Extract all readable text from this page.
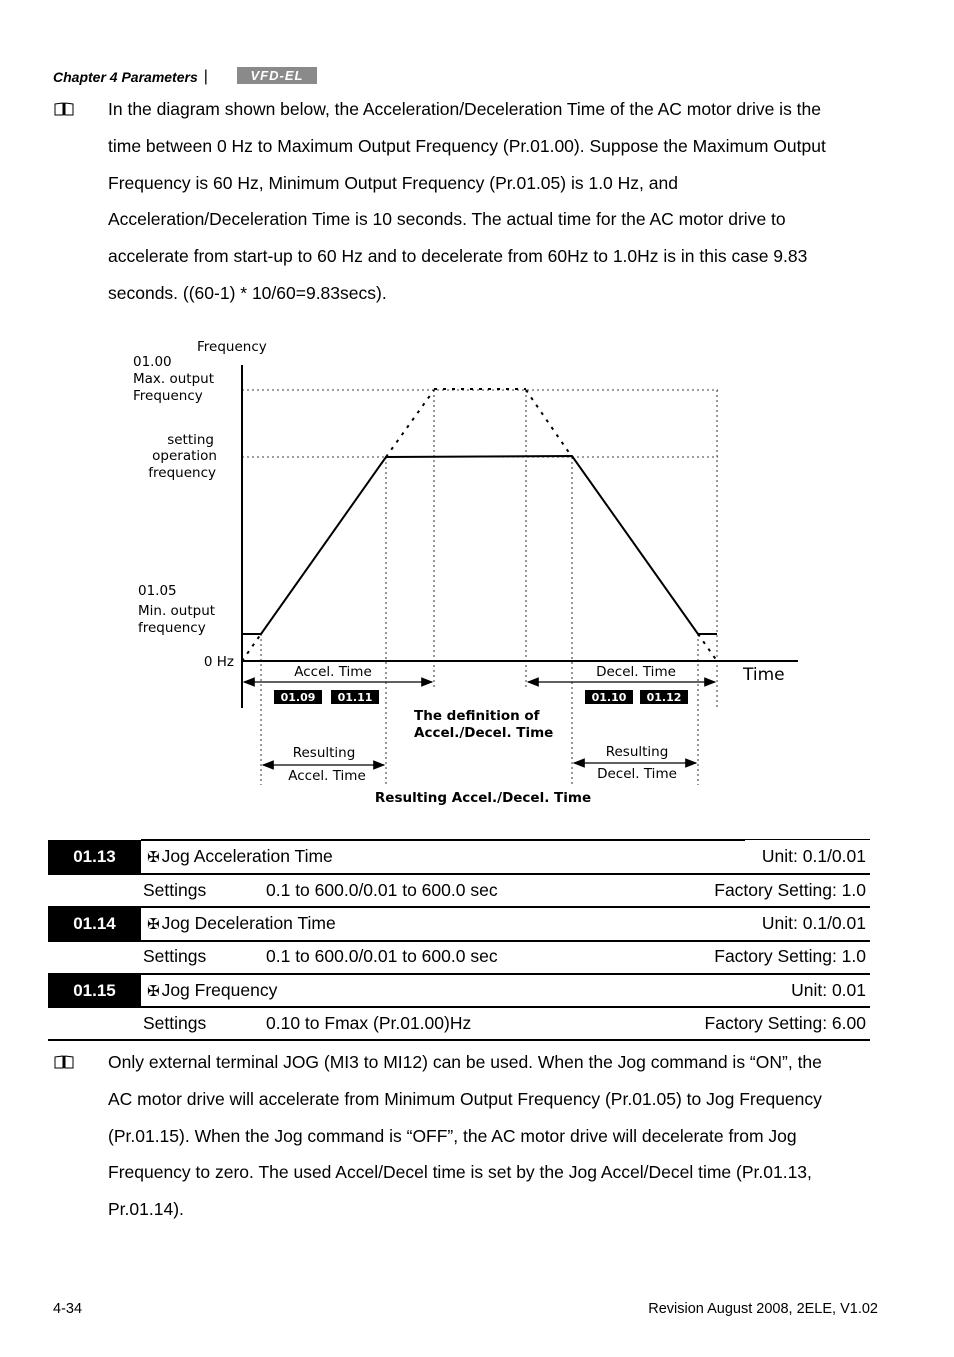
Chapter 4 Parameters |	VFD-EL

In the diagram shown below, the Acceleration/Deceleration Time of the AC motor drive is the

time between 0 Hz to Maximum Output Frequency (Pr.01.00). Suppose the Maximum Output

Frequency is 60 Hz, Minimum Output Frequency (Pr.01.05) is 1.0 Hz, and

Acceleration/Deceleration Time is 10 seconds. The actual time for the AC motor drive to

accelerate from start-up to 60 Hz and to decelerate from 60Hz to 1.0Hz is in this case 9.83

seconds. ((60-1) * 10/60=9.83secs).

Frequency
01.00
Max. output
Frequency
setting
operation
frequency
01.05
Min. output
frequency
0 Hz
Time
Accel. Time	Decel. Time
01.09 01.11	01.10 01.12
The definition of
Accel./Decel. Time
Resulting
Accel. Time
Resulting
Decel. Time
Resulting Accel./Decel. Time
01.13	✠ Jog Acceleration Time	Unit: 0.1/0.01
Settings	0.1 to 600.0/0.01 to 600.0 sec	Factory Setting: 1.0
01.14	✠ Jog Deceleration Time	Unit: 0.1/0.01
Settings	0.1 to 600.0/0.01 to 600.0 sec	Factory Setting: 1.0
01.15	✠ Jog Frequency	Unit: 0.01
Settings	0.10 to Fmax (Pr.01.00)Hz	Factory Setting: 6.00

Only external terminal JOG (MI3 to MI12) can be used. When the Jog command is “ON”, the

AC motor drive will accelerate from Minimum Output Frequency (Pr.01.05) to Jog Frequency

(Pr.01.15). When the Jog command is “OFF”, the AC motor drive will decelerate from Jog

Frequency to zero. The used Accel/Decel time is set by the Jog Accel/Decel time (Pr.01.13,

Pr.01.14).

4-34	Revision August 2008, 2ELE, V1.02
